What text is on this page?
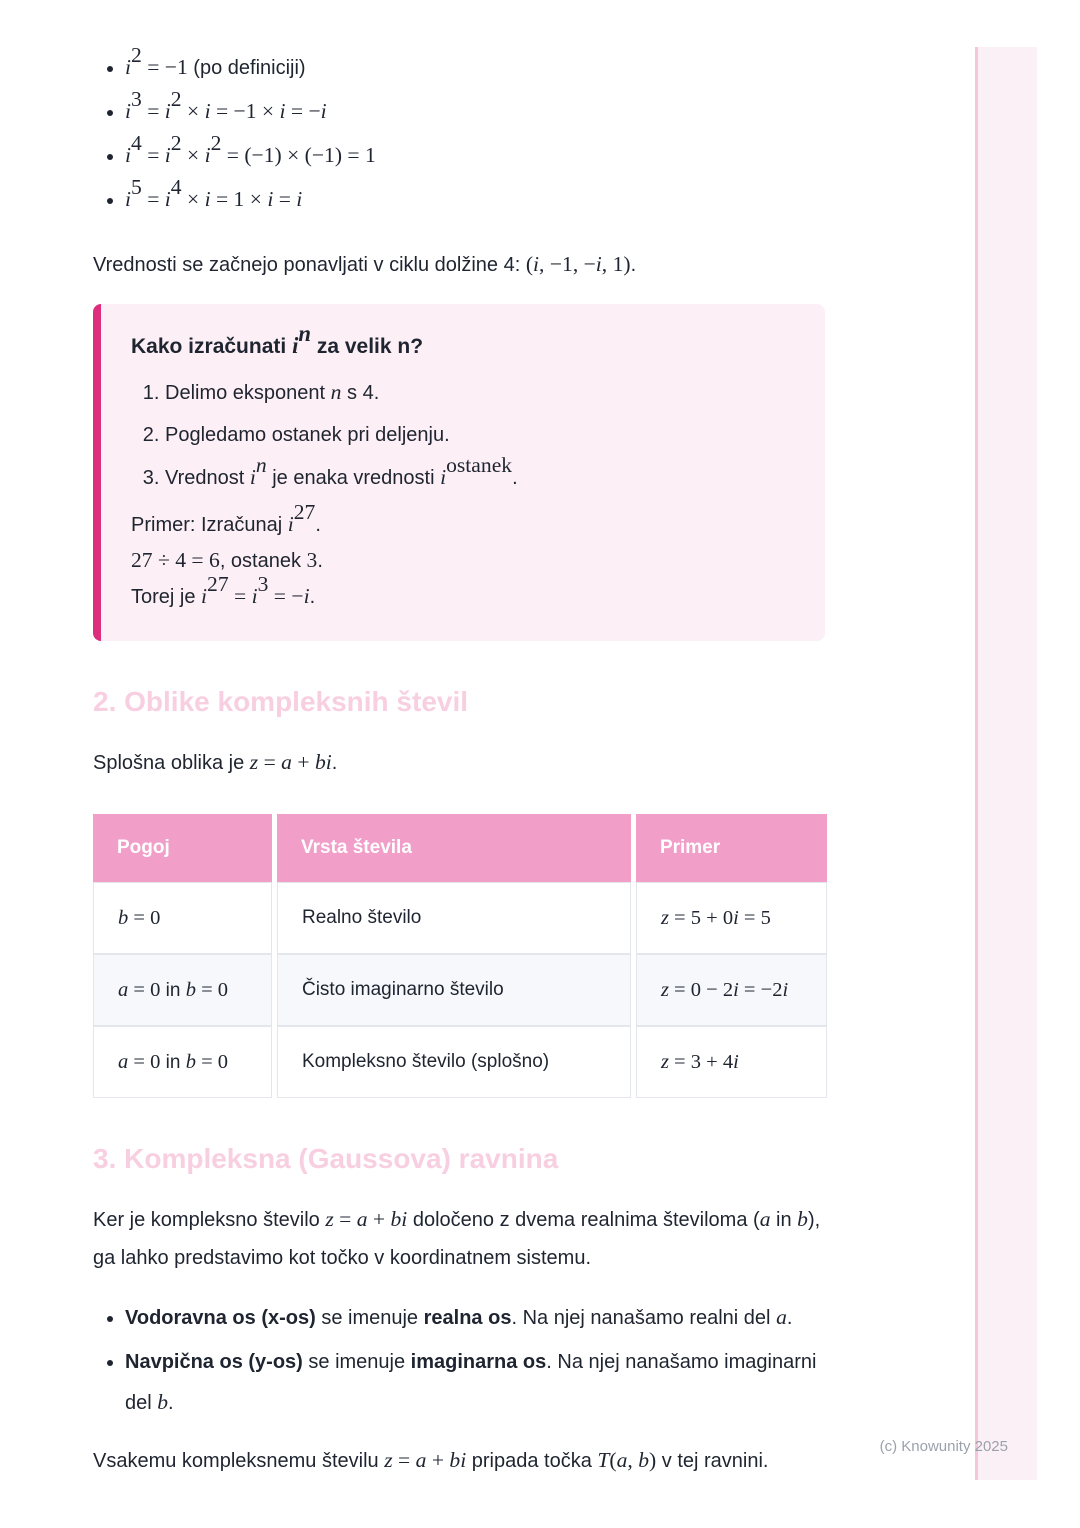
• $i^2 = -1$ (po definiciji)
• $i^3 = i^2 \times i = -1 \times i = -i$
• $i^4 = i^2 \times i^2 = (-1) \times (-1) = 1$
• $i^5 = i^4 \times i = 1 \times i = i$

Vrednosti se začnejo ponavljati v ciklu dolžine 4: (i, −1, −i, 1).

Kako izračunati $i^n$ za velik n?
1. Delimo eksponent n s 4.
2. Pogledamo ostanek pri deljenju.
3. Vrednost $i^n$ je enaka vrednosti $i^{ostanek}$.

Primer: Izračunaj $i^{27}$.

27 ÷ 4 = 6, ostanek 3.

Torej je $i^{27} = i^3 = -i$.

2. Oblike kompleksnih števil

Splošna oblika je z = a + bi.

Pogoj	Vrsta števila	Primer
b = 0	Realno število	z = 5 + 0i = 5
a = 0 in b = 0	Čisto imaginarno število	z = 0 − 2i = −2i
a = 0 in b = 0	Kompleksno število (splošno)	z = 3 + 4i
3. Kompleksna (Gaussova) ravnina

Ker je kompleksno število z = a + bi določeno z dvema realnima številoma (a in b), ga lahko predstavimo kot točko v koordinatnem sistemu.

• Vodoravna os (x-os) se imenuje realna os. Na njej nanašamo realni del a.
• Navpična os (y-os) se imenuje imaginarna os. Na njej nanašamo imaginarni del b.

Vsakemu kompleksnemu številu z = a + bi pripada točka T(a, b) v tej ravnini.

(c) Knowunity 2025
